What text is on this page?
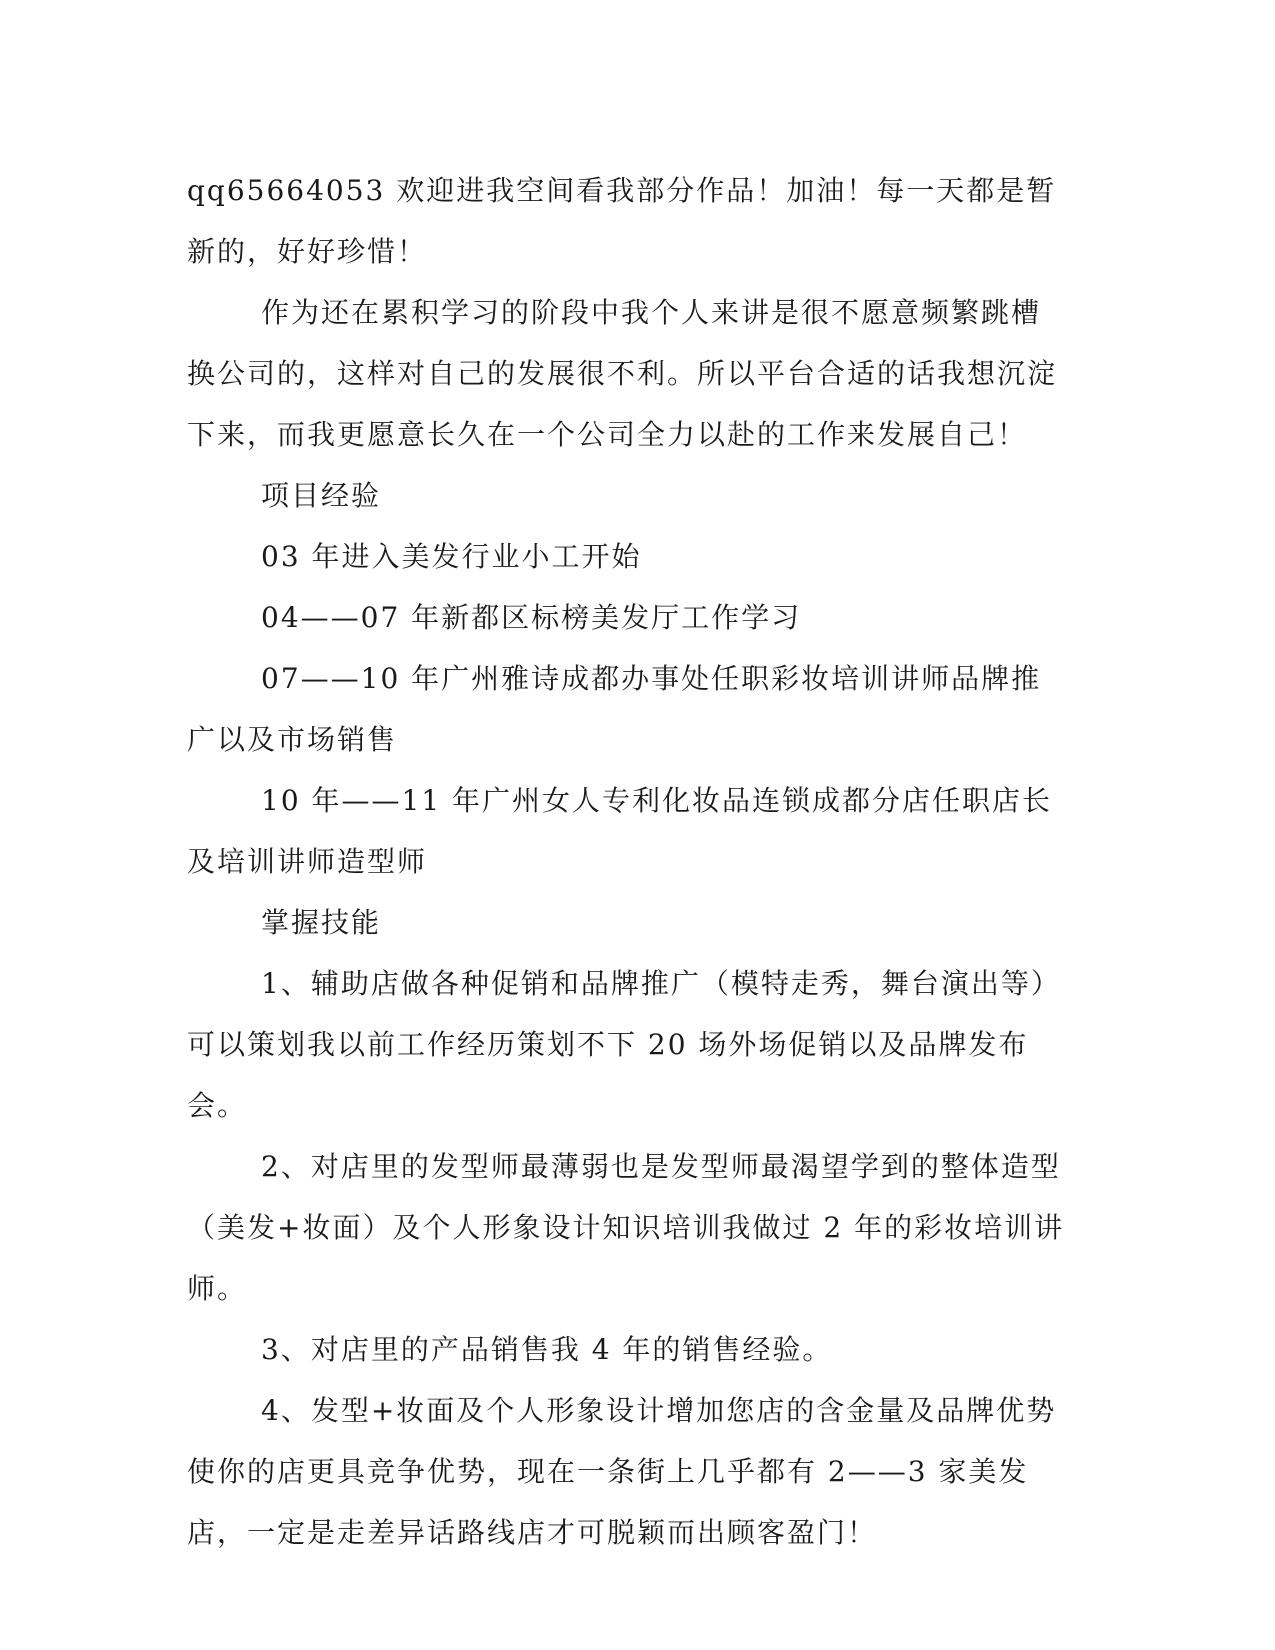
qq65664053 欢迎进我空间看我部分作品！加油！每一天都是暂新的，好好珍惜！

作为还在累积学习的阶段中我个人来讲是很不愿意频繁跳槽换公司的，这样对自己的发展很不利。所以平台合适的话我想沉淀下来，而我更愿意长久在一个公司全力以赴的工作来发展自己！

项目经验

03 年进入美发行业小工开始

04——07 年新都区标榜美发厅工作学习

07——10 年广州雅诗成都办事处任职彩妆培训讲师品牌推广以及市场销售

10 年——11 年广州女人专利化妆品连锁成都分店任职店长及培训讲师造型师

掌握技能

1、辅助店做各种促销和品牌推广（模特走秀，舞台演出等）可以策划我以前工作经历策划不下 20 场外场促销以及品牌发布会。

2、对店里的发型师最薄弱也是发型师最渴望学到的整体造型（美发+妆面）及个人形象设计知识培训我做过 2 年的彩妆培训讲师。

3、对店里的产品销售我 4 年的销售经验。

4、发型+妆面及个人形象设计增加您店的含金量及品牌优势使你的店更具竞争优势，现在一条街上几乎都有 2——3 家美发店，一定是走差异话路线店才可脱颖而出顾客盈门！
